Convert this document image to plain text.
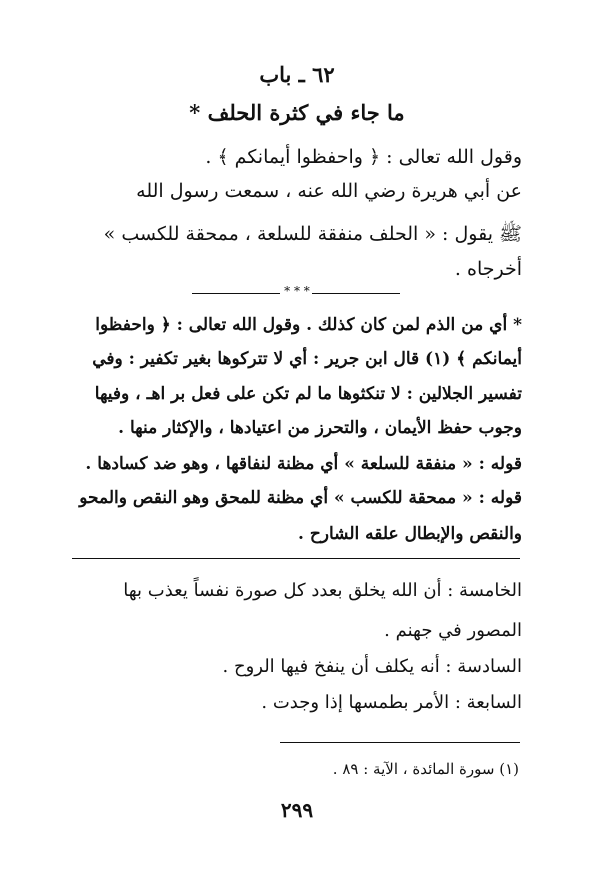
٦٢ ـ باب
ما جاء في كثرة الحلف *
وقول الله تعالى : ﴿ واحفظوا أيمانكم ﴾ .
عن أبي هريرة رضي الله عنه ، سمعت رسول الله
ﷺ يقول : « الحلف منفقة للسلعة ، ممحقة للكسب »
أخرجاه .
* * *
* أي من الذم لمن كان كذلك . وقول الله تعالى : ﴿ واحفظوا
أيمانكم ﴾ (١) قال ابن جرير : أي لا تتركوها بغير تكفير : وفي
تفسير الجلالين : لا تنكثوها ما لم تكن على فعل بر اهـ ، وفيها
وجوب حفظ الأيمان ، والتحرز من اعتيادها ، والإكثار منها .
قوله : « منفقة للسلعة » أي مظنة لنفاقها ، وهو ضد كسادها .
قوله : « ممحقة للكسب » أي مظنة للمحق وهو النقص والمحو
والنقص والإبطال علقه الشارح .
الخامسة : أن الله يخلق بعدد كل صورة نفساً يعذب بها
المصور في جهنم .
السادسة : أنه يكلف أن ينفخ فيها الروح .
السابعة : الأمر بطمسها إذا وجدت .
(١) سورة المائدة ، الآية : ٨٩ .
٢٩٩
